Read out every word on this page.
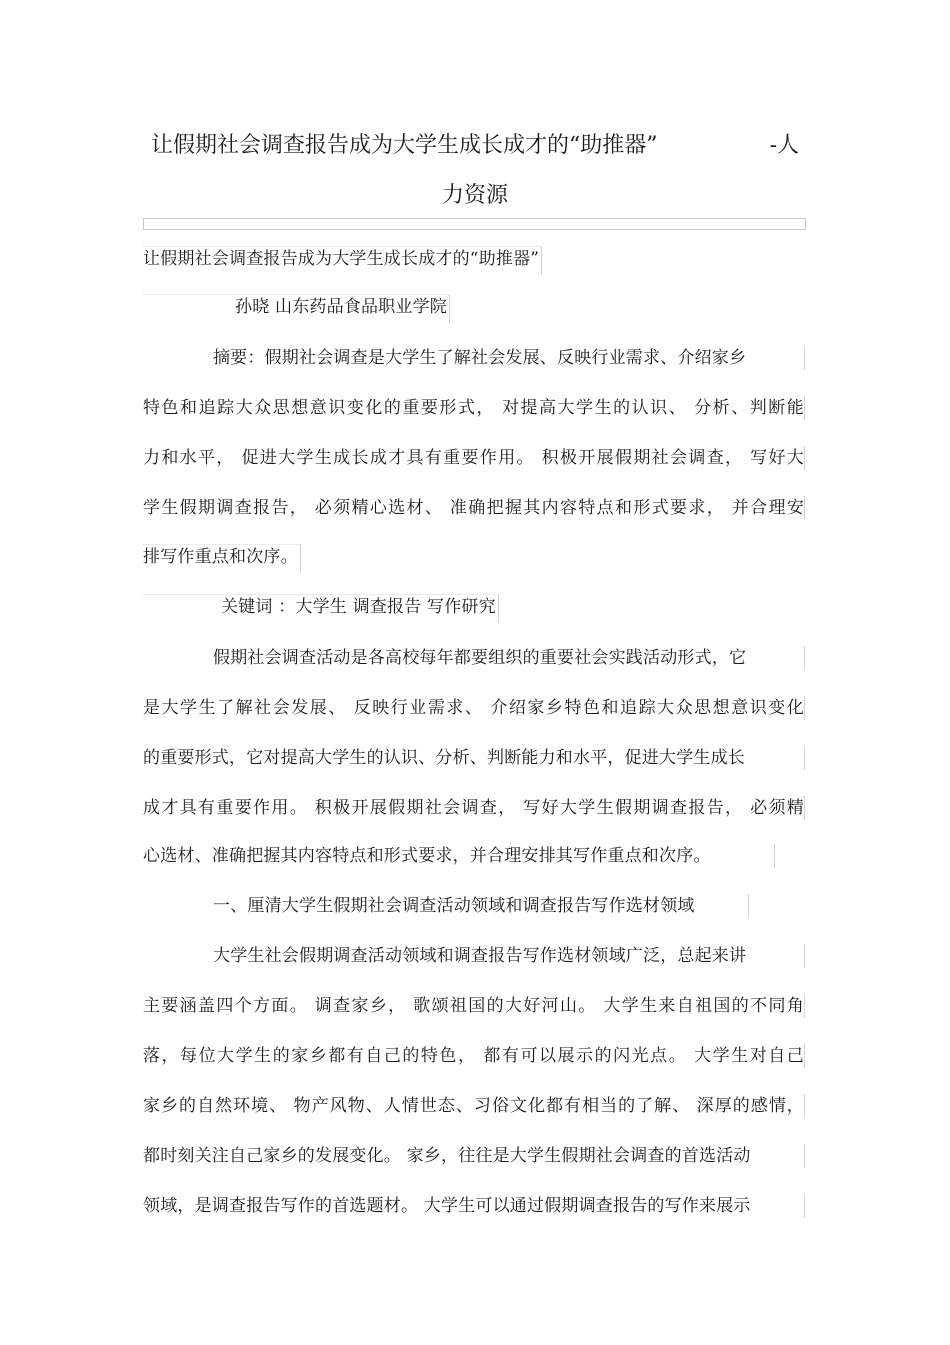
让假期社会调查报告成为大学生成长成才的“助推器”	-人
力资源
让假期社会调查报告成为大学生成长成才的“助推器”
孙晓 山东药品食品职业学院
摘要：假期社会调查是大学生了解社会发展、反映行业需求、介绍家乡
特色和追踪大众思想意识变化的重要形式， 对提高大学生的认识、 分析、判断能
力和水平， 促进大学生成长成才具有重要作用。 积极开展假期社会调查， 写好大
学生假期调查报告， 必须精心选材、 准确把握其内容特点和形式要求， 并合理安
排写作重点和次序。
关键词 ：大学生 调查报告 写作研究
假期社会调查活动是各高校每年都要组织的重要社会实践活动形式，它
是大学生了解社会发展、 反映行业需求、 介绍家乡特色和追踪大众思想意识变化
的重要形式，它对提高大学生的认识、分析、判断能力和水平，促进大学生成长
成才具有重要作用。 积极开展假期社会调查， 写好大学生假期调查报告， 必须精
心选材、准确把握其内容特点和形式要求，并合理安排其写作重点和次序。
一、厘清大学生假期社会调查活动领域和调查报告写作选材领域
大学生社会假期调查活动领域和调查报告写作选材领域广泛，总起来讲
主要涵盖四个方面。 调查家乡， 歌颂祖国的大好河山。 大学生来自祖国的不同角
落，每位大学生的家乡都有自己的特色， 都有可以展示的闪光点。 大学生对自己
家乡的自然环境、 物产风物、人情世态、习俗文化都有相当的了解、 深厚的感情，
都时刻关注自己家乡的发展变化。 家乡，往往是大学生假期社会调查的首选活动
领域，是调查报告写作的首选题材。 大学生可以通过假期调查报告的写作来展示
